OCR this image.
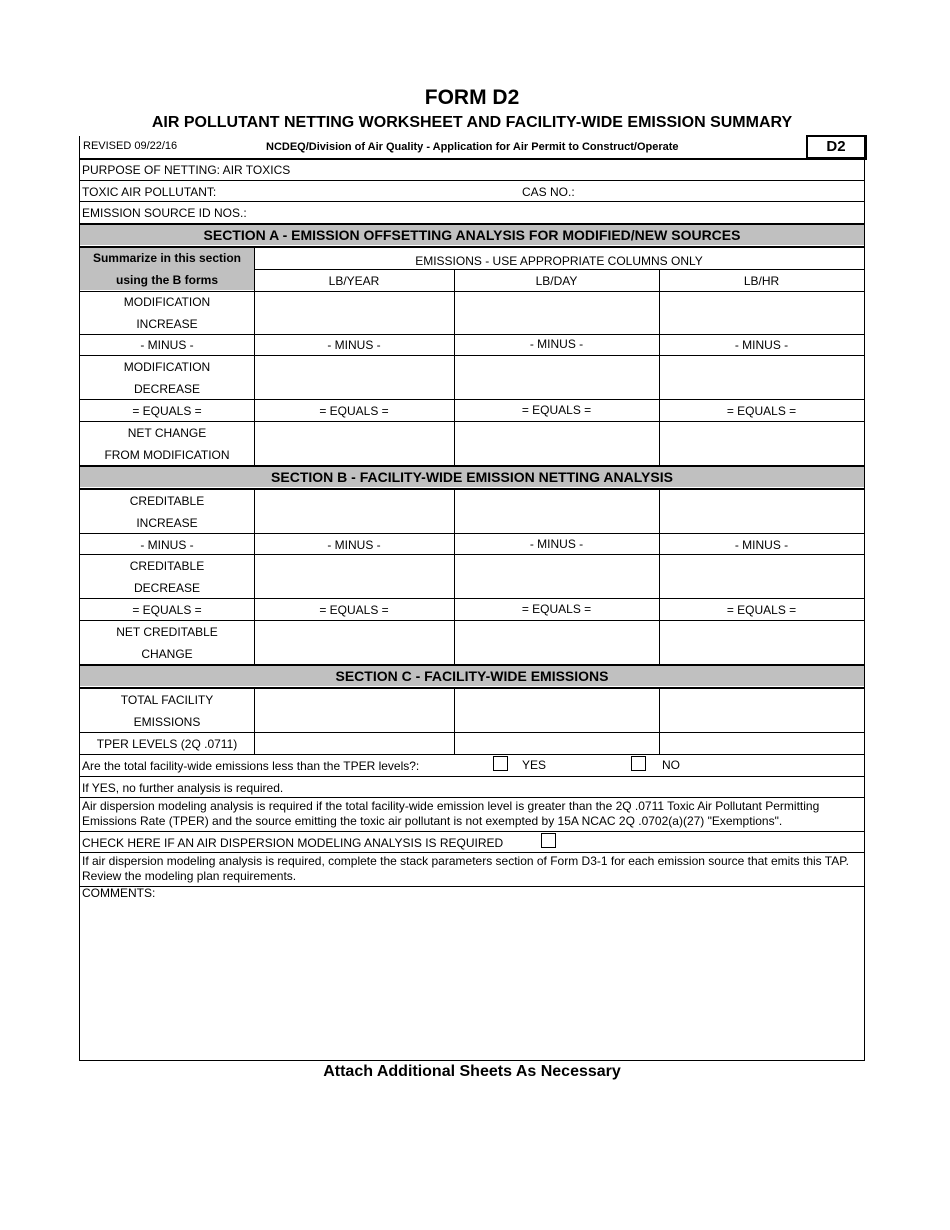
FORM D2
AIR POLLUTANT NETTING WORKSHEET AND FACILITY-WIDE EMISSION SUMMARY
REVISED 09/22/16	NCDEQ/Division of Air Quality - Application for Air Permit to Construct/Operate	D2
PURPOSE OF NETTING: AIR TOXICS
TOXIC AIR POLLUTANT:	CAS NO.:
EMISSION SOURCE ID NOS.:
SECTION A - EMISSION OFFSETTING ANALYSIS FOR MODIFIED/NEW SOURCES
Summarize in this section
using the B forms
EMISSIONS - USE APPROPRIATE COLUMNS ONLY
LB/YEAR	LB/DAY	LB/HR
MODIFICATION
INCREASE
- MINUS -	- MINUS -	- MINUS -	- MINUS -
MODIFICATION
DECREASE
= EQUALS =	= EQUALS =	= EQUALS =	= EQUALS =
NET CHANGE
FROM MODIFICATION
SECTION B - FACILITY-WIDE EMISSION NETTING ANALYSIS
CREDITABLE
INCREASE
- MINUS -	- MINUS -	- MINUS -	- MINUS -
CREDITABLE
DECREASE
= EQUALS =	= EQUALS =	= EQUALS =	= EQUALS =
NET CREDITABLE
CHANGE
SECTION C - FACILITY-WIDE EMISSIONS
TOTAL FACILITY
EMISSIONS
TPER LEVELS (2Q .0711)
Are the total facility-wide emissions less than the TPER levels?:	YES	NO
If YES, no further analysis is required.
Air dispersion modeling analysis is required if the total facility-wide emission level is greater than the 2Q .0711 Toxic Air Pollutant Permitting Emissions Rate (TPER) and the source emitting the toxic air pollutant is not exempted by 15A NCAC 2Q .0702(a)(27) "Exemptions".
CHECK HERE IF AN AIR DISPERSION MODELING ANALYSIS IS REQUIRED
If air dispersion modeling analysis is required, complete the stack parameters section of Form D3-1 for each emission source that emits this TAP. Review the modeling plan requirements.
COMMENTS:
Attach Additional Sheets As Necessary
